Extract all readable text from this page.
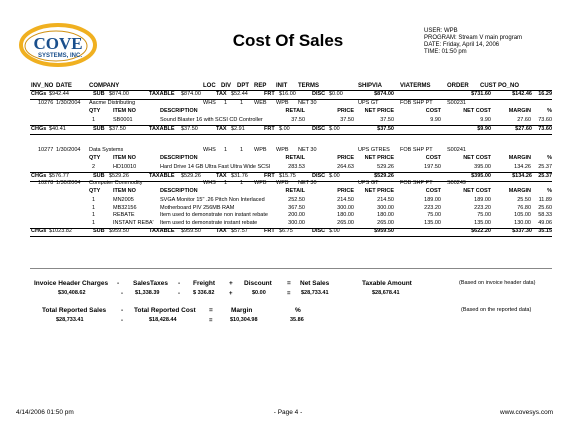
COVE
SYSTEMS, INC.
Cost Of Sales	USER: WPB
PROGRAM: Stream V main program
DATE: Friday, April 14, 2006
TIME: 01:50 pm
INV_NO DATE	COMPANY	LOC DIV DPT REP INIT TERMS	SHIPVIA	VIATERMS	ORDER CUST PO_NO
CHGs $942.44	SUB $874.00	TAXABLE $874.00	TAX $52.44	FRT $16.00	DISC $0.00	$874.00	$731.60	$142.46	16.29
10276 1/30/2004 Aacme Distributing	WHS 1 1 WEB WPB NET 30	UPS GT	FOB SHP PT	S00231
QTY ITEM NO	DESCRIPTION	RETAIL	PRICE	NET PRICE	COST	NET COST	MARGIN	%
1	SB0001	Sound Blaster 16 with SCSI CD Controller	37.50	37.50	37.50	9.90	9.90	27.60	73.60
CHGs $40.41	SUB $37.50	TAXABLE $37.50	TAX $2.91	FRT $.00	DISC $.00	$37.50	$9.90	$27.60	73.60
10277 1/30/2004 Data Systems	WHS 1 1 WPB WPB NET 30	UPS GTRES FOB SHP PT	S00241
QTY ITEM NO	DESCRIPTION	RETAIL	PRICE	NET PRICE	COST	NET COST	MARGIN	%
2	HD10010	Hard Drive 14 GB Ultra Fast Ultra Wide SCSI	283.53	264.63	529.26	197.50	395.00	134.26	25.37
CHGs $576.77	SUB $529.26	TAXABLE $529.26	TAX $31.76	FRT $15.75	DISC $.00	$529.26	$395.00	$134.26	25.37
10278 1/30/2004 Computer Commodity	WHS 1 1 WPB WPB NET 30	UPS GT	FOB SHP PT	S00249
QTY ITEM NO	DESCRIPTION	RETAIL	PRICE	NET PRICE	COST	NET COST	MARGIN	%
1	MN2005	SVGA Monitor 15" .26 Pitch Non Interlaced	252.50	214.50	214.50	189.00	189.00	25.50	11.89
1	MB32156	Motherboard PIV 256MB RAM	367.50	300.00	300.00	223.20	223.20	76.80	25.60
1	REBATE	Item used to demonstrate non instant rebate	200.00	180.00	180.00	75.00	75.00	105.00	58.33
1	INSTANT REBA' Item used to demonstrate instant rebate	300.00	265.00	265.00	135.00	135.00	130.00	49.06
CHGs $1023.82	SUB $959.50	TAXABLE $959.50	TAX $57.57	FRT $6.75	DISC $.00	$959.50	$622.20	$337.30	35.15
Invoice Header Charges - SalesTaxes - Freight + Discount = Net Sales	Taxable Amount	(Based on invoice header data)
$30,408.62	- $1,338.39	- $ 336.82 +	$0.00	= $28,733.41	$28,678.41
Total Reported Sales - Total Reported Cost =	Margin	%	(Based on the reported data)
$28,733.41	-	$18,428.44	=	$10,304.98	35.86
4/14/2006 01:50 pm	- Page 4 -	www.covesys.com
